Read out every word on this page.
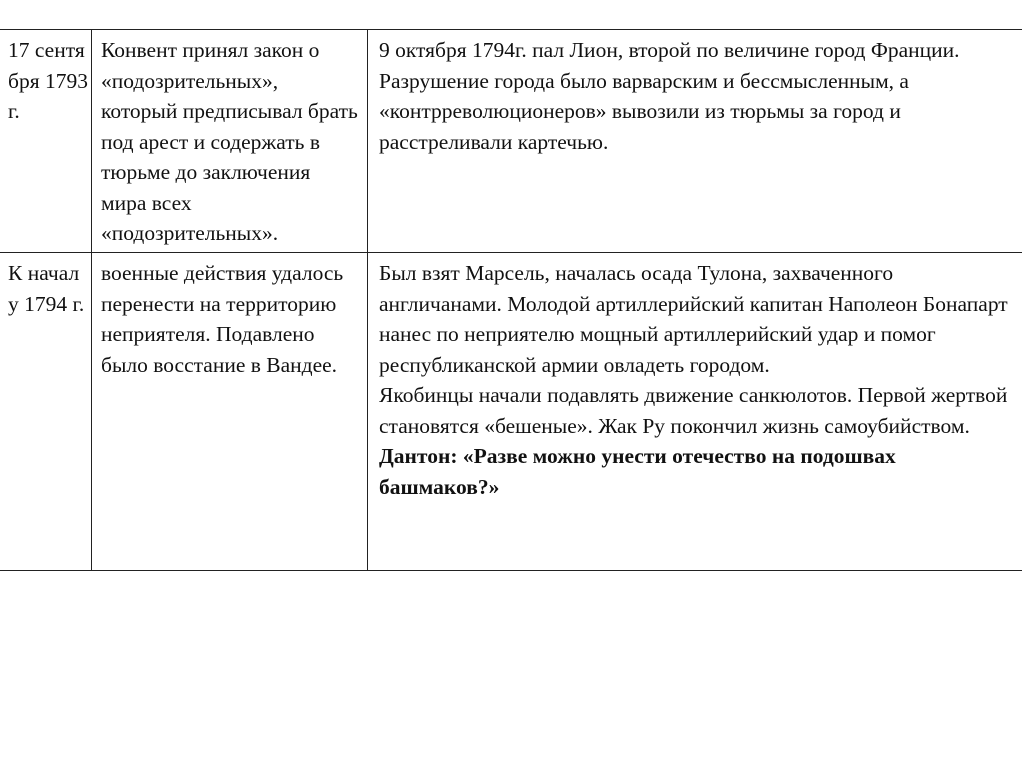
17 сентя бря 1793 г.	Конвент принял закон о «подозрительных», который предписывал брать под арест и содержать в тюрьме до заключения мира всех «подозрительных».	9 октября 1794г. пал Лион, второй по величине город Франции. Разрушение города было варварским и бессмысленным, а «контрреволюционеров» вывозили из тюрьмы за город и расстреливали картечью.

К начал у 1794 г.	военные действия удалось перенести на территорию неприятеля. Подавлено было восстание в Вандее.	Был взят Марсель, началась осада Тулона, захваченного англичанами. Молодой артиллерийский капитан Наполеон Бонапарт нанес по неприятелю мощный артиллерийский удар и помог республиканской армии овладеть городом.
Якобинцы начали подавлять движение санкюлотов. Первой жертвой становятся «бешеные». Жак Ру покончил жизнь самоубийством.
Дантон: «Разве можно унести отечество на подошвах башмаков?»
